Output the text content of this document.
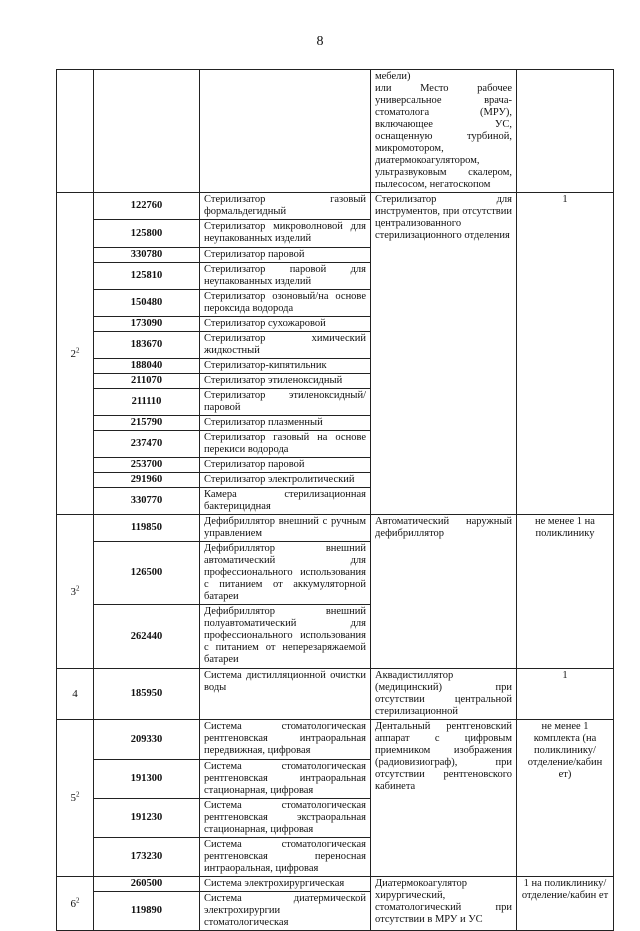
8
			мебели)
или Место рабочее универсальное врача-стоматолога (МРУ), включающее УС, оснащенную турбиной, микромотором, диатермокоагулятором, ультразвуковым скалером, пылесосом, негатоскопом	
$2^2$	122760	Стерилизатор газовый формальдегидный	Стерилизатор для инструментов, при отсутствии централизованного стерилизационного отделения	1
	125800	Стерилизатор микроволновой для неупакованных изделий		
	330780	Стерилизатор паровой		
	125810	Стерилизатор паровой для неупакованных изделий		
	150480	Стерилизатор озоновый/на основе пероксида водорода		
	173090	Стерилизатор сухожаровой		
	183670	Стерилизатор химический жидкостный		
	188040	Стерилизатор-кипятильник		
	211070	Стерилизатор этиленоксидный		
	211110	Стерилизатор этиленоксидный/паровой		
	215790	Стерилизатор плазменный		
	237470	Стерилизатор газовый на основе перекиси водорода		
	253700	Стерилизатор паровой		
	291960	Стерилизатор электролитический		
	330770	Камера стерилизационная бактерицидная		
$3^2$	119850	Дефибриллятор внешний с ручным управлением	Автоматический наружный дефибриллятор	не менее 1 на поликлинику
	126500	Дефибриллятор внешний автоматический для профессионального использования с питанием от аккумуляторной батареи		
	262440	Дефибриллятор внешний полуавтоматический для профессионального использования с питанием от неперезаряжаемой батареи		
4	185950	Система дистилляционной очистки воды	Аквадистиллятор (медицинский) при отсутствии центральной стерилизационной	1
$5^2$	209330	Система стоматологическая рентгеновская интраоральная передвижная, цифровая	Дентальный рентгеновский аппарат с цифровым приемником изображения (радиовизиограф), при отсутствии рентгеновского кабинета	не менее 1 комплекта (на поликлинику/ отделение/кабин ет)
	191300	Система стоматологическая рентгеновская интраоральная стационарная, цифровая		
	191230	Система стоматологическая рентгеновская экстраоральная стационарная, цифровая		
	173230	Система стоматологическая рентгеновская переносная интраоральная, цифровая		
$6^2$	260500	Система электрохирургическая	Диатермокоагулятор хирургический, стоматологический при отсутствии в МРУ и УС	1 на поликлинику/ отделение/кабин ет
	119890	Система диатермической электрохирургии стоматологическая		
